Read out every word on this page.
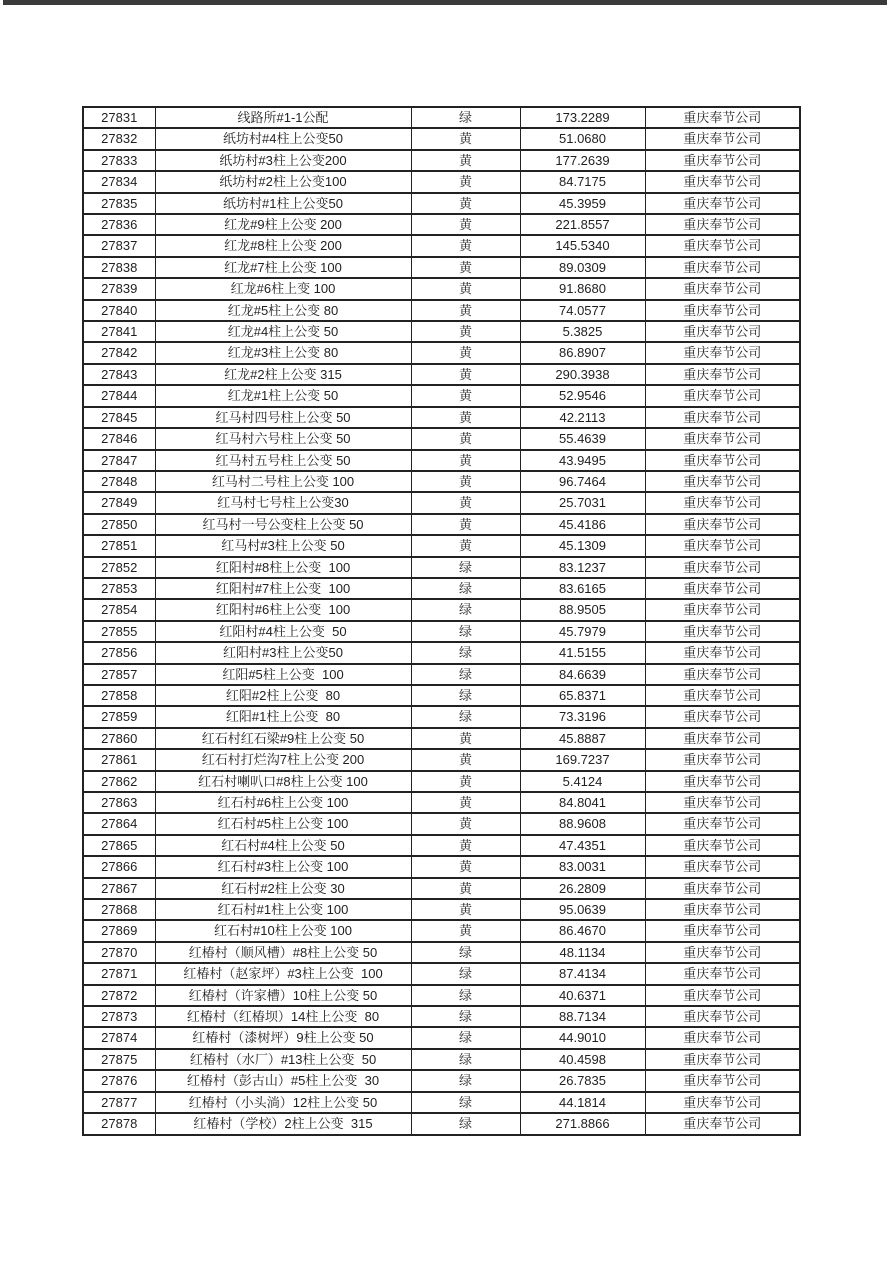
27831	线路所#1-1公配	绿	173.2289	重庆奉节公司
27832	纸坊村#4柱上公变50	黄	51.0680	重庆奉节公司
27833	纸坊村#3柱上公变200	黄	177.2639	重庆奉节公司
27834	纸坊村#2柱上公变100	黄	84.7175	重庆奉节公司
27835	纸坊村#1柱上公变50	黄	45.3959	重庆奉节公司
27836	红龙#9柱上公变 200	黄	221.8557	重庆奉节公司
27837	红龙#8柱上公变 200	黄	145.5340	重庆奉节公司
27838	红龙#7柱上公变 100	黄	89.0309	重庆奉节公司
27839	红龙#6柱上变 100	黄	91.8680	重庆奉节公司
27840	红龙#5柱上公变 80	黄	74.0577	重庆奉节公司
27841	红龙#4柱上公变 50	黄	5.3825	重庆奉节公司
27842	红龙#3柱上公变 80	黄	86.8907	重庆奉节公司
27843	红龙#2柱上公变 315	黄	290.3938	重庆奉节公司
27844	红龙#1柱上公变 50	黄	52.9546	重庆奉节公司
27845	红马村四号柱上公变 50	黄	42.2113	重庆奉节公司
27846	红马村六号柱上公变 50	黄	55.4639	重庆奉节公司
27847	红马村五号柱上公变 50	黄	43.9495	重庆奉节公司
27848	红马村二号柱上公变 100	黄	96.7464	重庆奉节公司
27849	红马村七号柱上公变30	黄	25.7031	重庆奉节公司
27850	红马村一号公变柱上公变 50	黄	45.4186	重庆奉节公司
27851	红马村#3柱上公变 50	黄	45.1309	重庆奉节公司
27852	红阳村#8柱上公变  100	绿	83.1237	重庆奉节公司
27853	红阳村#7柱上公变  100	绿	83.6165	重庆奉节公司
27854	红阳村#6柱上公变  100	绿	88.9505	重庆奉节公司
27855	红阳村#4柱上公变  50	绿	45.7979	重庆奉节公司
27856	红阳村#3柱上公变50	绿	41.5155	重庆奉节公司
27857	红阳#5柱上公变  100	绿	84.6639	重庆奉节公司
27858	红阳#2柱上公变  80	绿	65.8371	重庆奉节公司
27859	红阳#1柱上公变  80	绿	73.3196	重庆奉节公司
27860	红石村红石梁#9柱上公变 50	黄	45.8887	重庆奉节公司
27861	红石村打烂沟7柱上公变 200	黄	169.7237	重庆奉节公司
27862	红石村喇叭口#8柱上公变 100	黄	5.4124	重庆奉节公司
27863	红石村#6柱上公变 100	黄	84.8041	重庆奉节公司
27864	红石村#5柱上公变 100	黄	88.9608	重庆奉节公司
27865	红石村#4柱上公变 50	黄	47.4351	重庆奉节公司
27866	红石村#3柱上公变 100	黄	83.0031	重庆奉节公司
27867	红石村#2柱上公变 30	黄	26.2809	重庆奉节公司
27868	红石村#1柱上公变 100	黄	95.0639	重庆奉节公司
27869	红石村#10柱上公变 100	黄	86.4670	重庆奉节公司
27870	红椿村（顺风槽）#8柱上公变 50	绿	48.1134	重庆奉节公司
27871	红椿村（赵家坪）#3柱上公变  100	绿	87.4134	重庆奉节公司
27872	红椿村（许家槽）10柱上公变 50	绿	40.6371	重庆奉节公司
27873	红椿村（红椿坝）14柱上公变  80	绿	88.7134	重庆奉节公司
27874	红椿村（漆树坪）9柱上公变 50	绿	44.9010	重庆奉节公司
27875	红椿村（水厂）#13柱上公变  50	绿	40.4598	重庆奉节公司
27876	红椿村（彭古山）#5柱上公变  30	绿	26.7835	重庆奉节公司
27877	红椿村（小头淌）12柱上公变 50	绿	44.1814	重庆奉节公司
27878	红椿村（学校）2柱上公变  315	绿	271.8866	重庆奉节公司
